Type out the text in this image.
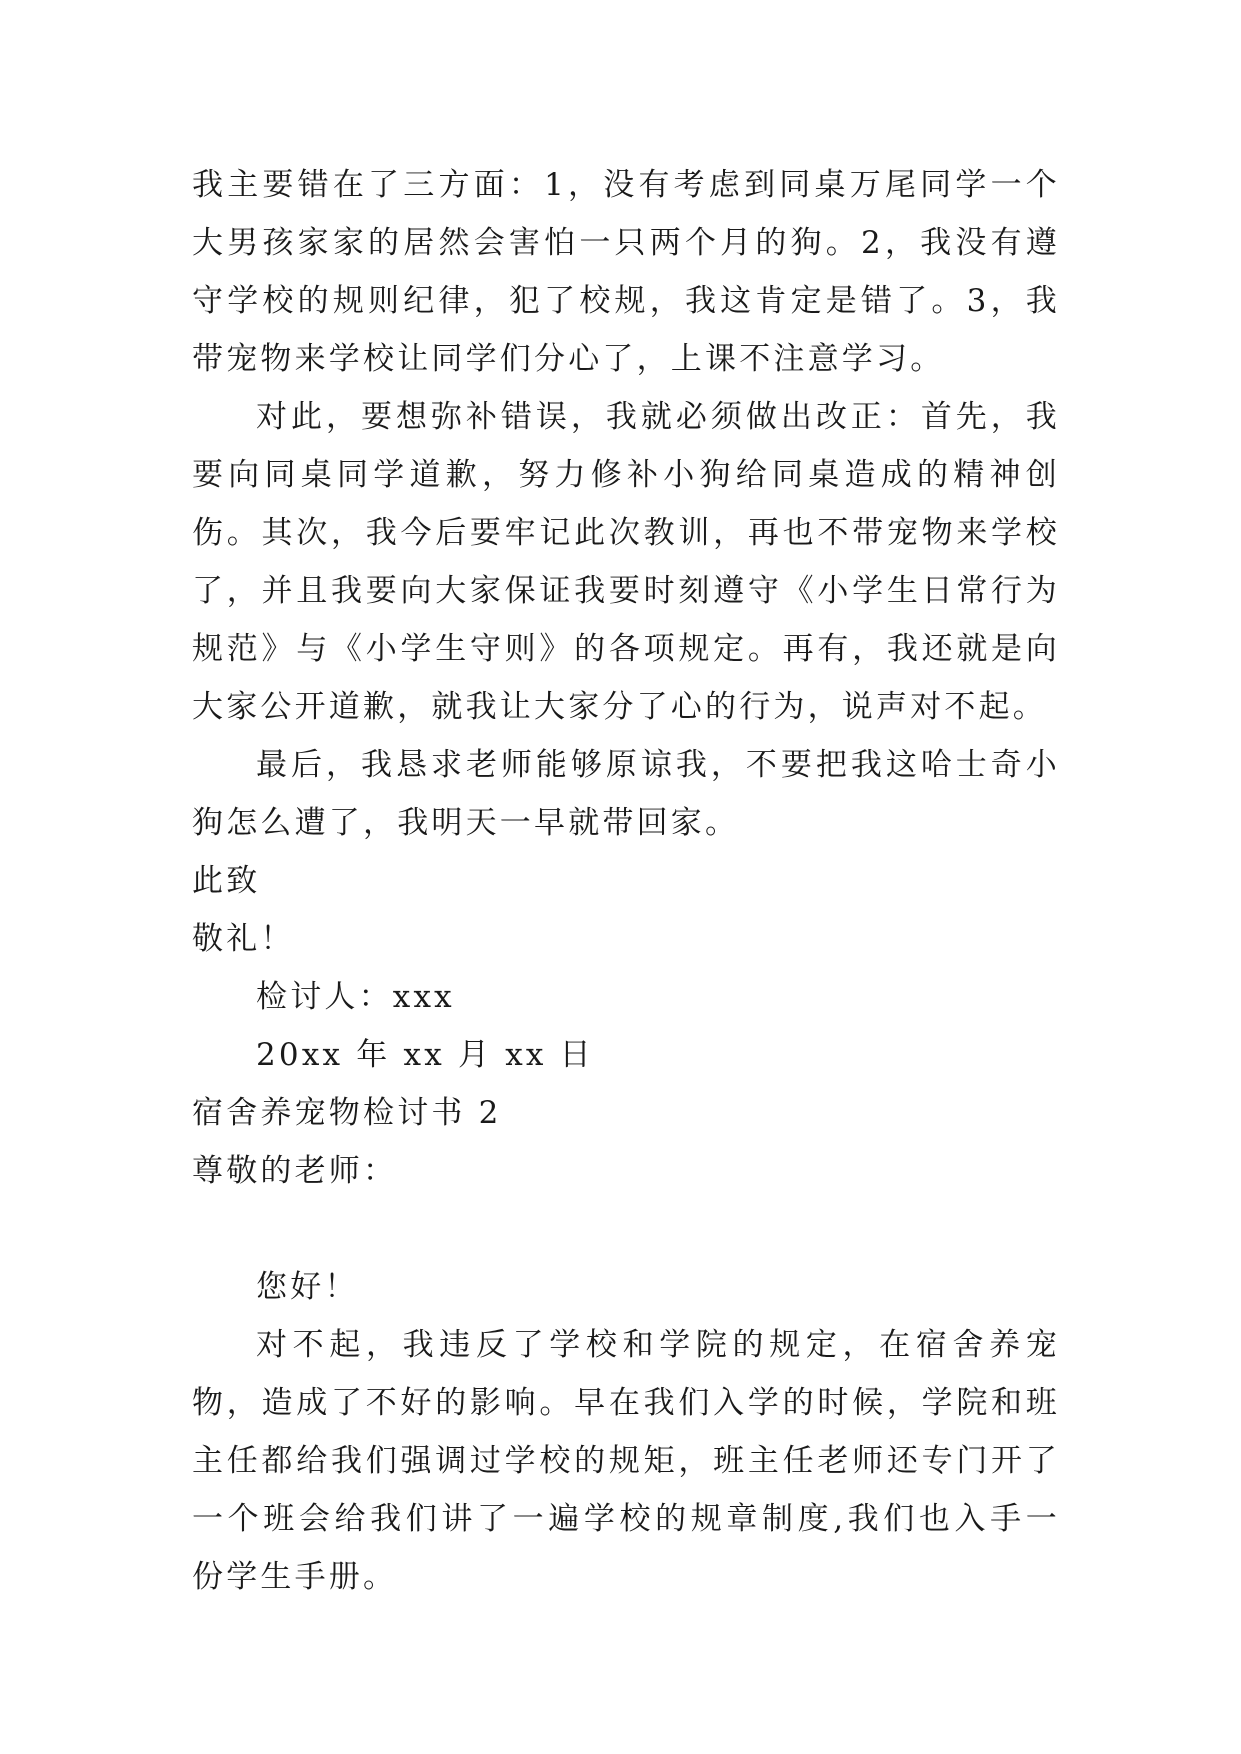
我主要错在了三方面：1，没有考虑到同桌万尾同学一个大男孩家家的居然会害怕一只两个月的狗。2，我没有遵守学校的规则纪律，犯了校规，我这肯定是错了。3，我带宠物来学校让同学们分心了，上课不注意学习。

对此，要想弥补错误，我就必须做出改正：首先，我要向同桌同学道歉，努力修补小狗给同桌造成的精神创伤。其次，我今后要牢记此次教训，再也不带宠物来学校了，并且我要向大家保证我要时刻遵守《小学生日常行为规范》与《小学生守则》的各项规定。再有，我还就是向大家公开道歉，就我让大家分了心的行为，说声对不起。

最后，我恳求老师能够原谅我，不要把我这哈士奇小狗怎么遭了，我明天一早就带回家。

此致

敬礼！

检讨人：xxx

20xx 年 xx 月 xx 日

宿舍养宠物检讨书 2

尊敬的老师：

您好！

对不起，我违反了学校和学院的规定，在宿舍养宠物，造成了不好的影响。早在我们入学的时候，学院和班主任都给我们强调过学校的规矩，班主任老师还专门开了一个班会给我们讲了一遍学校的规章制度,我们也入手一份学生手册。
